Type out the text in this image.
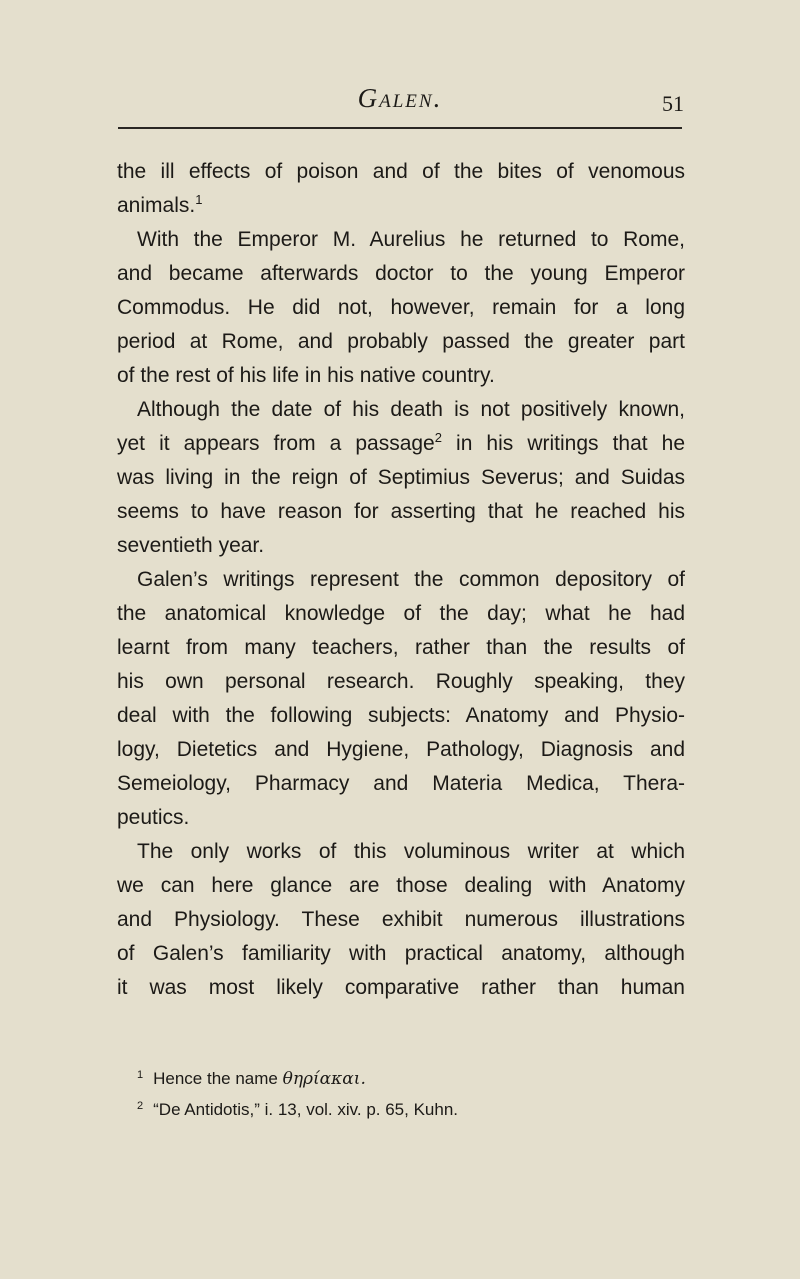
Galen.	51
the ill effects of poison and of the bites of venomous
animals.$^1$
With the Emperor M. Aurelius he returned to Rome,
and became afterwards doctor to the young Emperor
Commodus. He did not, however, remain for a long
period at Rome, and probably passed the greater part
of the rest of his life in his native country.
Although the date of his death is not positively known,
yet it appears from a passage$^2$ in his writings that he
was living in the reign of Septimius Severus; and Suidas
seems to have reason for asserting that he reached his
seventieth year.
Galen’s writings represent the common depository of
the anatomical knowledge of the day; what he had
learnt from many teachers, rather than the results of
his own personal research. Roughly speaking, they
deal with the following subjects: Anatomy and Physio-
logy, Dietetics and Hygiene, Pathology, Diagnosis and
Semeiology, Pharmacy and Materia Medica, Thera-
peutics.
The only works of this voluminous writer at which
we can here glance are those dealing with Anatomy
and Physiology. These exhibit numerous illustrations
of Galen’s familiarity with practical anatomy, although
it was most likely comparative rather than human
$^1$ Hence the name θηρίακαι.
$^2$ “De Antidotis,” i. 13, vol. xiv. p. 65, Kuhn.
